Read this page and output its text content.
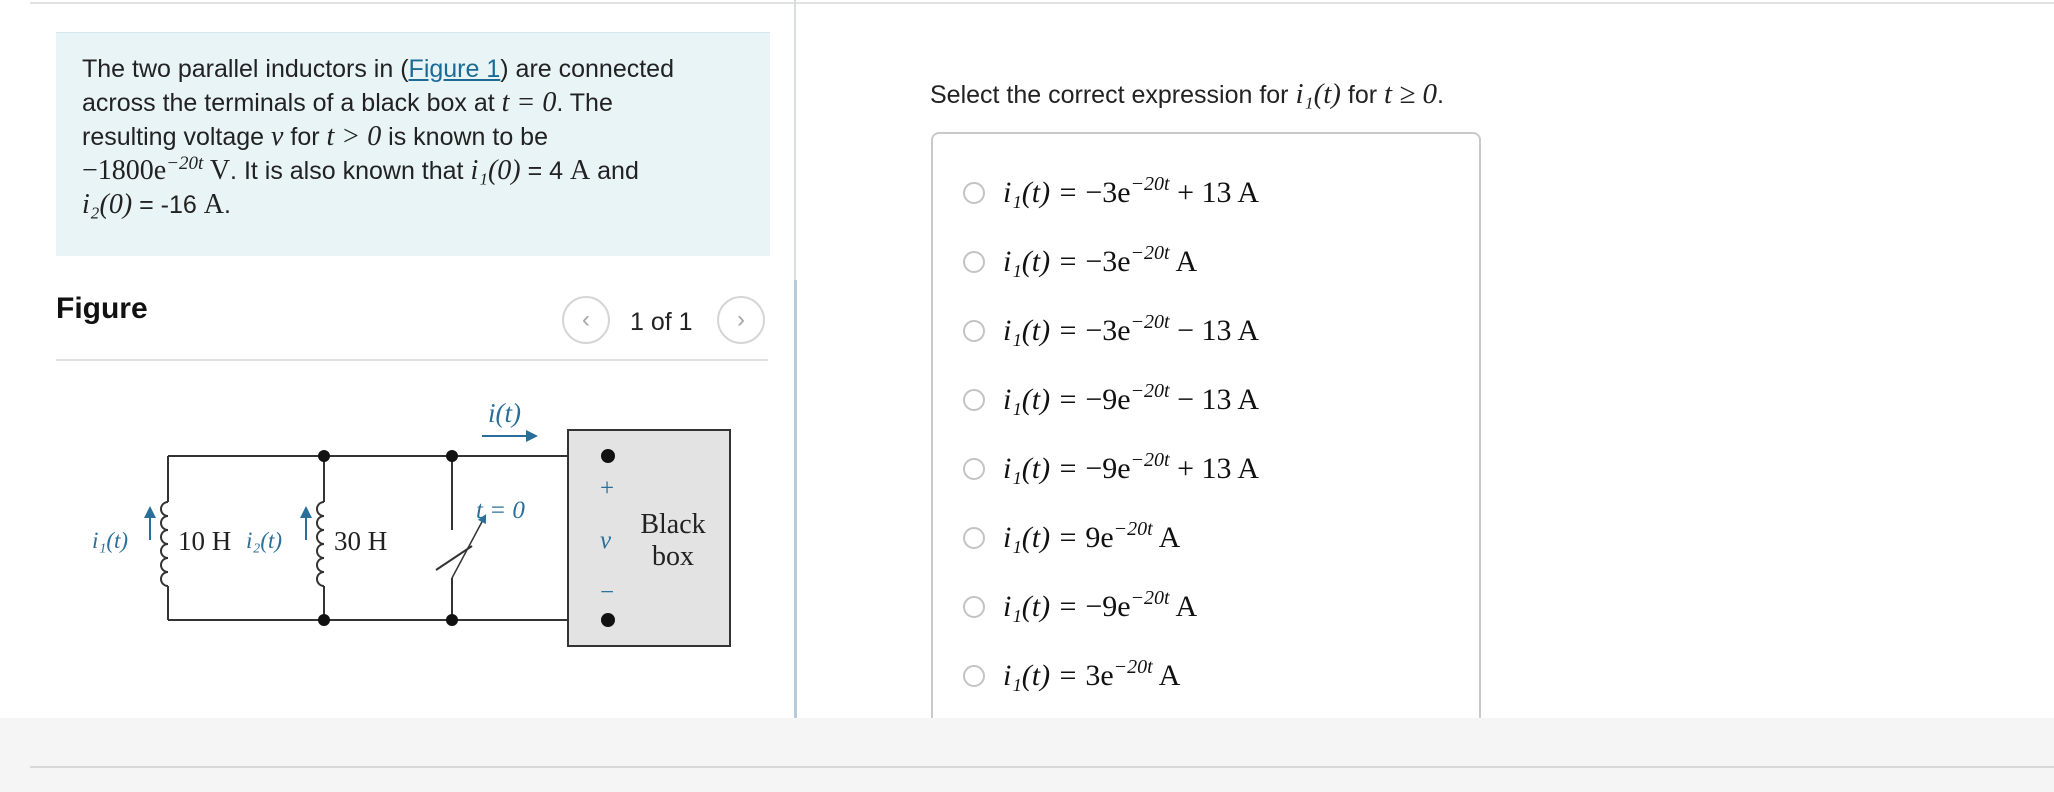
The two parallel inductors in (Figure 1) are connected
across the terminals of a black box at t = 0. The
resulting voltage v for t > 0 is known to be
$-1800e^{-20t}$ V. It is also known that i₁(0) = 4 A and
i₂(0) = -16 A.
Figure	‹ 1 of 1 ›
i(t)
i₁(t) 10 H i₂(t) 30 H
t = 0
+
v
−
Black
box
Select the correct expression for i₁(t) for t ≥ 0.
$i_1(t) = -3e^{-20t} + 13$ A
$i_1(t) = -3e^{-20t}$ A
$i_1(t) = -3e^{-20t} - 13$ A
$i_1(t) = -9e^{-20t} - 13$ A
$i_1(t) = -9e^{-20t} + 13$ A
$i_1(t) = 9e^{-20t}$ A
$i_1(t) = -9e^{-20t}$ A
$i_1(t) = 3e^{-20t}$ A
